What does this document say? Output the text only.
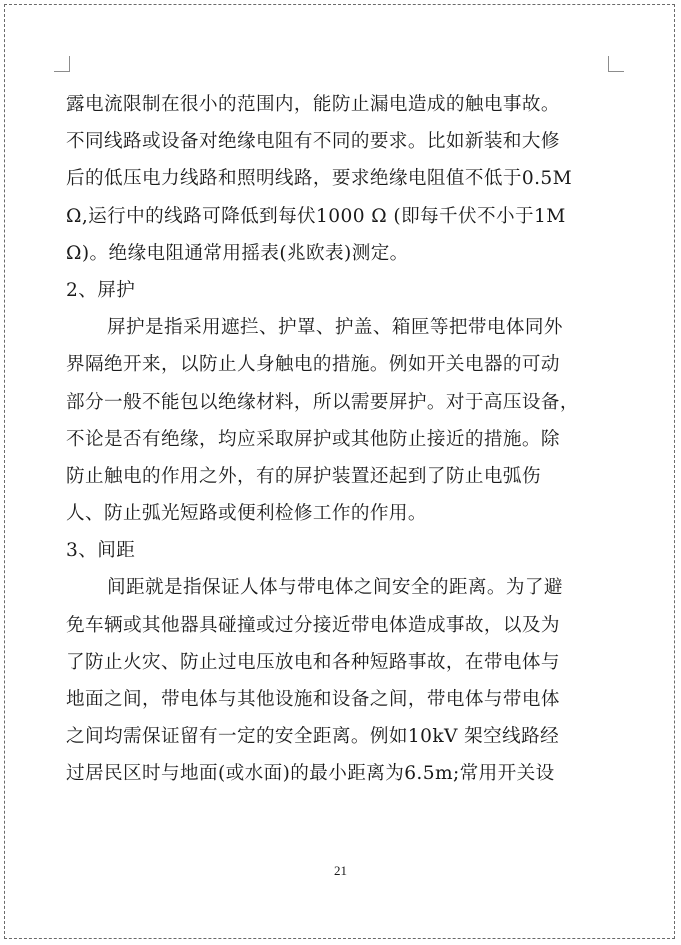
露电流限制在很小的范围内，能防止漏电造成的触电事故。
不同线路或设备对绝缘电阻有不同的要求。比如新装和大修
后的低压电力线路和照明线路，要求绝缘电阻值不低于0.5M
Ω,运行中的线路可降低到每伏1000 Ω (即每千伏不小于1M
Ω)。绝缘电阻通常用摇表(兆欧表)测定。
2、屏护
屏护是指采用遮拦、护罩、护盖、箱匣等把带电体同外
界隔绝开来，以防止人身触电的措施。例如开关电器的可动
部分一般不能包以绝缘材料，所以需要屏护。对于高压设备，
不论是否有绝缘，均应采取屏护或其他防止接近的措施。除
防止触电的作用之外，有的屏护装置还起到了防止电弧伤
人、防止弧光短路或便利检修工作的作用。
3、间距
间距就是指保证人体与带电体之间安全的距离。为了避
免车辆或其他器具碰撞或过分接近带电体造成事故，以及为
了防止火灾、防止过电压放电和各种短路事故，在带电体与
地面之间，带电体与其他设施和设备之间，带电体与带电体
之间均需保证留有一定的安全距离。例如10kV 架空线路经
过居民区时与地面(或水面)的最小距离为6.5m;常用开关设
21
